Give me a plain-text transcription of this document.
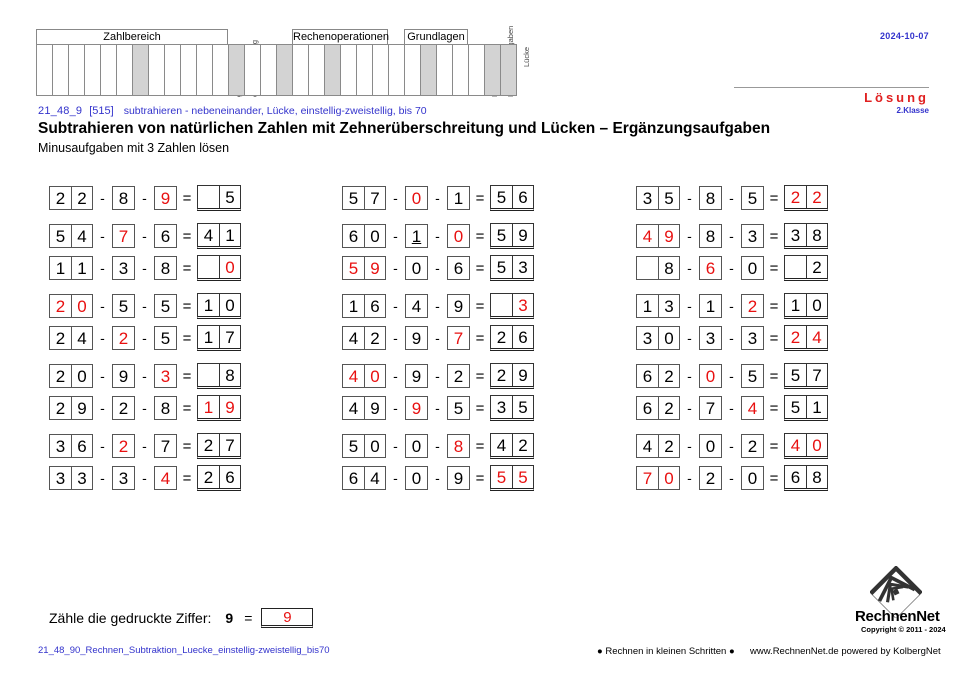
Zahlbereich	Rechenoperationen Grundlagen
Lücke
2024-10-07
Lösung
2.Klasse
21_48_9 [515] subtrahieren - nebeneinander, Lücke, einstellig-zweistellig, bis 70
Subtrahieren von natürlichen Zahlen mit Zehnerüberschreitung und Lücken – Ergänzungsaufgaben
Minusaufgaben mit 3 Zahlen lösen
2 2 - 8 - 9 =	5
5 4 - 7 - 6 = 4 1
1 1 - 3 - 8 =	0
2 0 - 5 - 5 = 1 0
2 4 - 2 - 5 = 1 7
2 0 - 9 - 3 =	8
2 9 - 2 - 8 = 1 9
3 6 - 2 - 7 = 2 7
3 3 - 3 - 4 = 2 6
5 7 - 0 - 1 = 5 6
6 0 - 1 - 0 = 5 9
5 9 - 0 - 6 = 5 3
1 6 - 4 - 9 =	3
4 2 - 9 - 7 = 2 6
4 0 - 9 - 2 = 2 9
4 9 - 9 - 5 = 3 5
5 0 - 0 - 8 = 4 2
6 4 - 0 - 9 = 5 5
3 5 - 8 - 5 = 2 2
4 9 - 8 - 3 = 3 8
8 - 6 - 0 =	2
1 3 - 1 - 2 = 1 0
3 0 - 3 - 3 = 2 4
6 2 - 0 - 5 = 5 7
6 2 - 7 - 4 = 5 1
4 2 - 0 - 2 = 4 0
7 0 - 2 - 0 = 6 8
Zähle die gedruckte Ziffer: 9 =	9
21_48_90_Rechnen_Subtraktion_Luecke_einstellig-zweistellig_bis70
RechnenNet
Copyright © 2011 - 2024
● Rechnen in kleinen Schritten ● www.RechnenNet.de powered by KolbergNet
